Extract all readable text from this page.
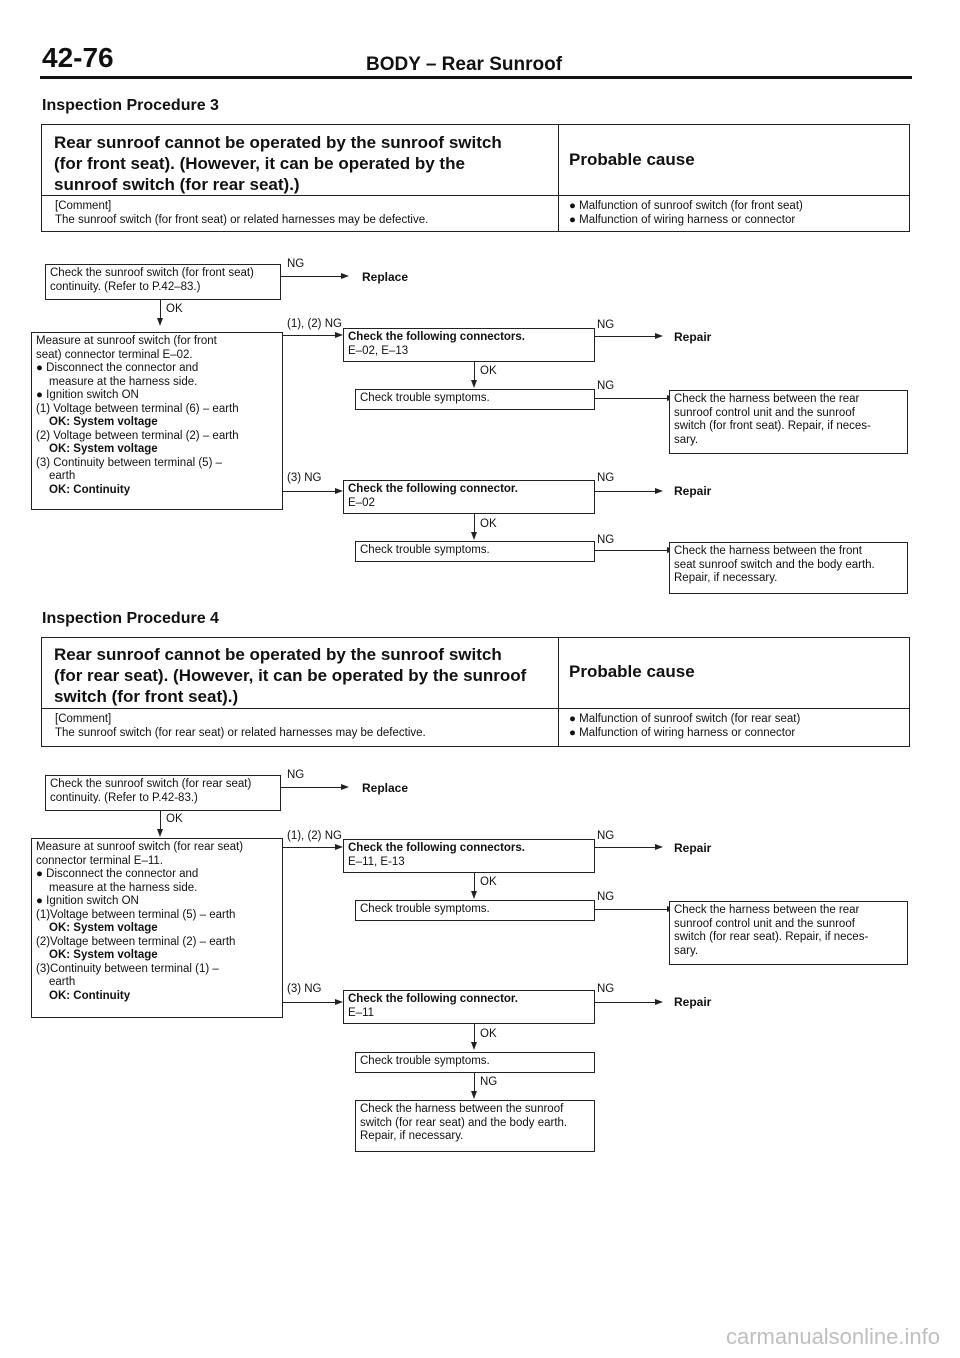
42-76	BODY – Rear Sunroof
Inspection Procedure 3
Rear sunroof cannot be operated by the sunroof switch
(for front seat). (However, it can be operated by the
sunroof switch (for rear seat).)
Probable cause
[Comment]
The sunroof switch (for front seat) or related harnesses may be defective.
● Malfunction of sunroof switch (for front seat)
● Malfunction of wiring harness or connector
Check the sunroof switch (for front seat)
continuity. (Refer to P.42–83.)
NG
Replace
OK
Measure at sunroof switch (for front
seat) connector terminal E–02.
● Disconnect the connector and
measure at the harness side.
● Ignition switch ON
(1) Voltage between terminal (6) – earth
OK: System voltage
(2) Voltage between terminal (2) – earth
OK: System voltage
(3) Continuity between terminal (5) –
earth
OK: Continuity
(1), (2) NG
Check the following connectors.
E–02, E–13
NG
Repair
OK
Check trouble symptoms.
NG
Check the harness between the rear
sunroof control unit and the sunroof
switch (for front seat). Repair, if neces-
sary.
(3) NG
Check the following connector.
E–02
NG
Repair
OK
Check trouble symptoms.
NG
Check the harness between the front
seat sunroof switch and the body earth.
Repair, if necessary.
Inspection Procedure 4
Rear sunroof cannot be operated by the sunroof switch
(for rear seat). (However, it can be operated by the sunroof
switch (for front seat).)
Probable cause
[Comment]
The sunroof switch (for rear seat) or related harnesses may be defective.
● Malfunction of sunroof switch (for rear seat)
● Malfunction of wiring harness or connector
Check the sunroof switch (for rear seat)
continuity. (Refer to P.42-83.)
NG
Replace
OK
Measure at sunroof switch (for rear seat)
connector terminal E–11.
● Disconnect the connector and
measure at the harness side.
● Ignition switch ON
(1)Voltage between terminal (5) – earth
OK: System voltage
(2)Voltage between terminal (2) – earth
OK: System voltage
(3)Continuity between terminal (1) –
earth
OK: Continuity
(1), (2) NG
Check the following connectors.
E–11, E-13
NG
Repair
OK
Check trouble symptoms.
NG
Check the harness between the rear
sunroof control unit and the sunroof
switch (for rear seat). Repair, if neces-
sary.
(3) NG
Check the following connector.
E–11
NG
Repair
OK
Check trouble symptoms.
NG
Check the harness between the sunroof
switch (for rear seat) and the body earth.
Repair, if necessary.
carmanualsonline.info
